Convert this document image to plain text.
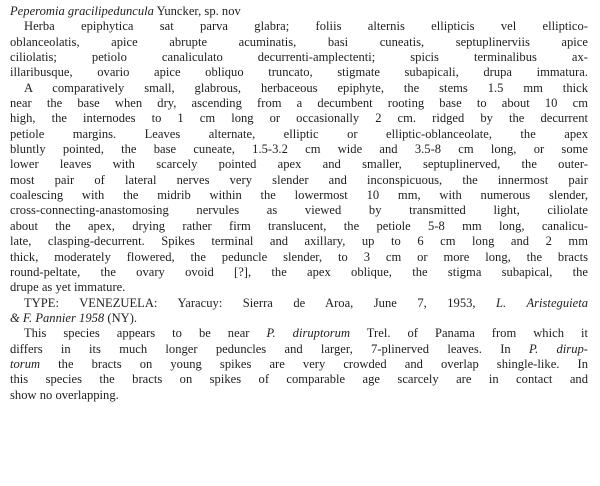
Peperomia gracilipeduncula Yuncker, sp. nov
Herba epiphytica sat parva glabra; foliis alternis ellipticis vel elliptico-
oblanceolatis, apice abrupte acuminatis, basi cuneatis, septuplinerviis apice
ciliolatis; petiolo canaliculato decurrenti-amplectenti; spicis terminalibus ax-
illaribusque, ovario apice obliquo truncato, stigmate subapicali, drupa immatura.
A comparatively small, glabrous, herbaceous epiphyte, the stems 1.5 mm thick
near the base when dry, ascending from a decumbent rooting base to about 10 cm
high, the internodes to 1 cm long or occasionally 2 cm. ridged by the decurrent
petiole margins. Leaves alternate, elliptic or elliptic-oblanceolate, the apex
bluntly pointed, the base cuneate, 1.5-3.2 cm wide and 3.5-8 cm long, or some
lower leaves with scarcely pointed apex and smaller, septuplinerved, the outer-
most pair of lateral nerves very slender and inconspicuous, the innermost pair
coalescing with the midrib within the lowermost 10 mm, with numerous slender,
cross-connecting-anastomosing nervules as viewed by transmitted light, ciliolate
about the apex, drying rather firm translucent, the petiole 5-8 mm long, canalicu-
late, clasping-decurrent. Spikes terminal and axillary, up to 6 cm long and 2 mm
thick, moderately flowered, the peduncle slender, to 3 cm or more long, the bracts
round-peltate, the ovary ovoid [?], the apex oblique, the stigma subapical, the
drupe as yet immature.
TYPE: VENEZUELA: Yaracuy: Sierra de Aroa, June 7, 1953, L. Aristeguieta
& F. Pannier 1958 (NY).
This species appears to be near P. diruptorum Trel. of Panama from which it
differs in its much longer peduncles and larger, 7-plinerved leaves. In P. dirup-
torum the bracts on young spikes are very crowded and overlap shingle-like. In
this species the bracts on spikes of comparable age scarcely are in contact and
show no overlapping.
